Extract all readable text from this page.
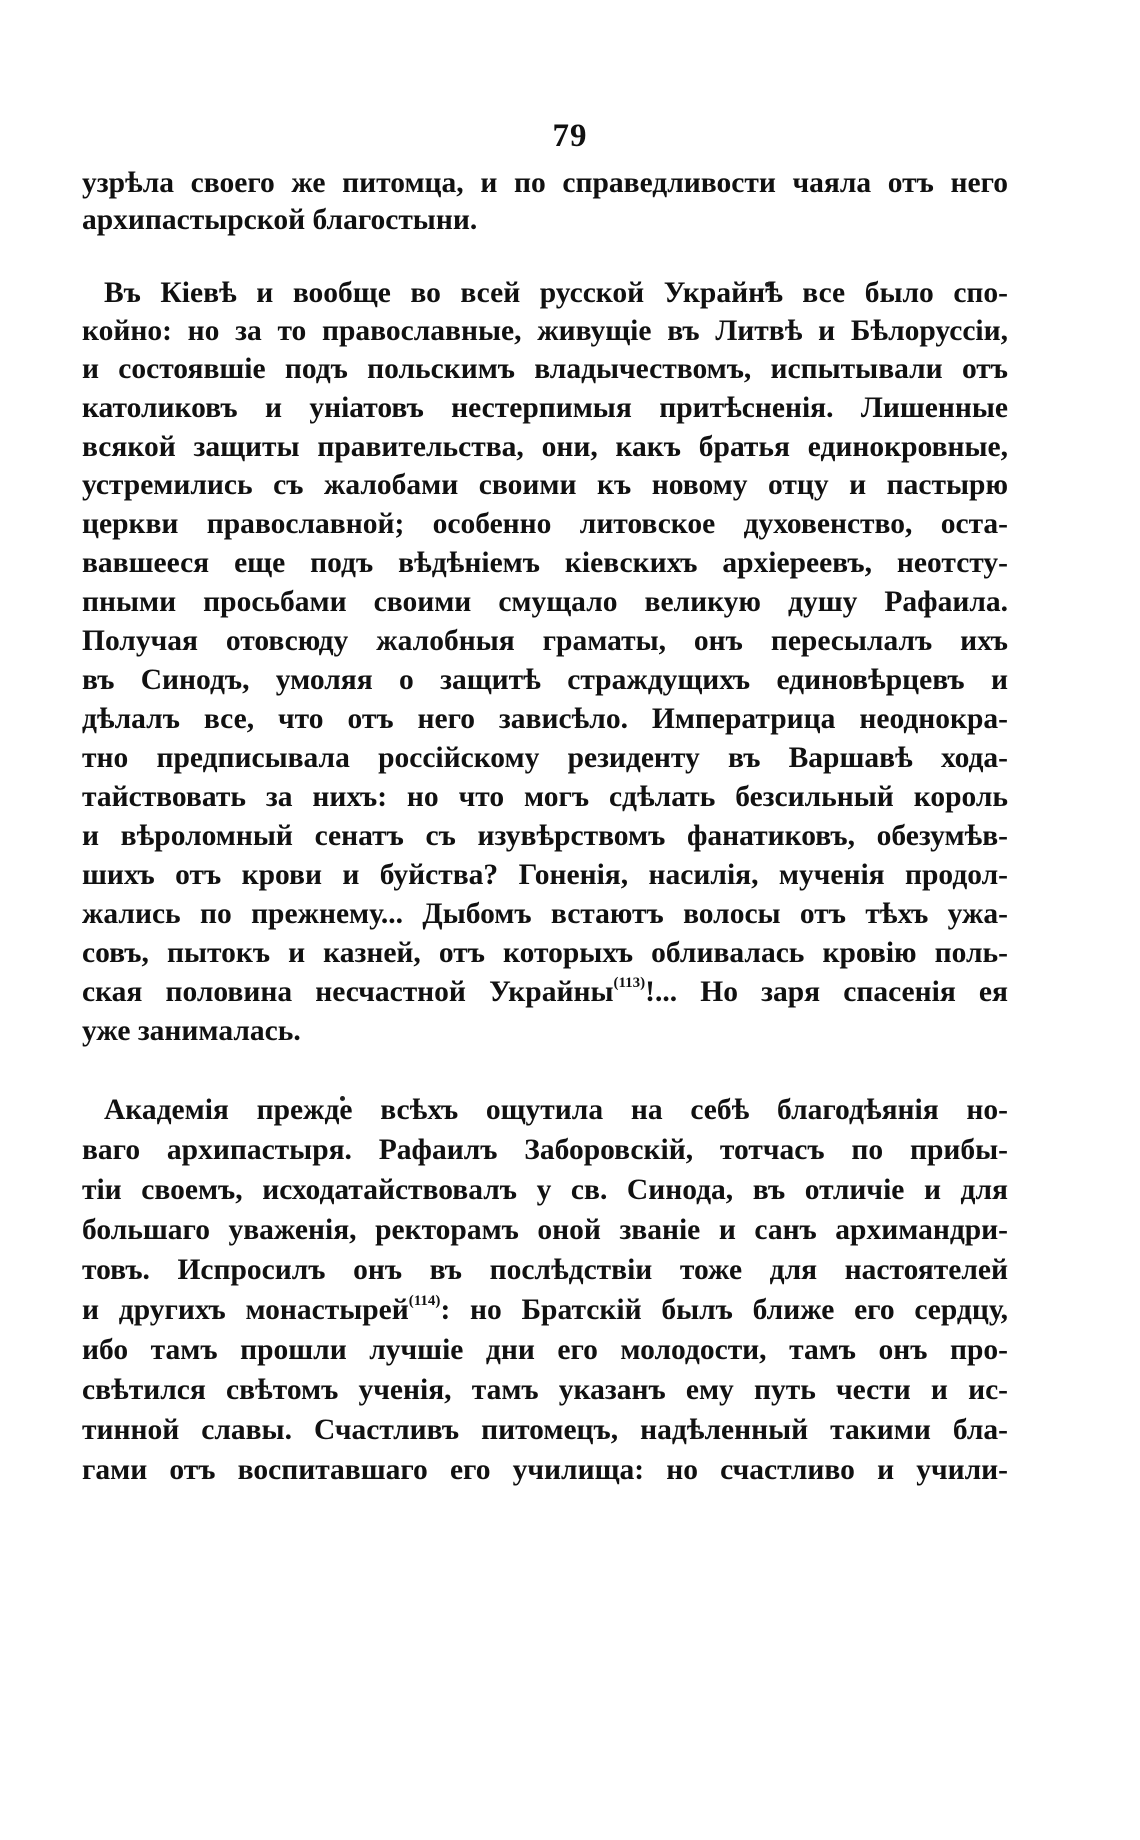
79
узрѣла своего же питомца, и по справедливости чаяла отъ него
архипастырской благостыни.
Въ Кіевѣ и вообще во всей русской Украйнѣ все было спо-
койно: но за то православные, живущіе въ Литвѣ и Бѣлоруссіи,
и состоявшіе подъ польскимъ владычествомъ, испытывали отъ
католиковъ и уніатовъ нестерпимыя притѣсненія. Лишенные
всякой защиты правительства, они, какъ братья единокровные,
устремились съ жалобами своими къ новому отцу и пастырю
церкви православной; особенно литовское духовенство, оста-
вавшееся еще подъ вѣдѣніемъ кіевскихъ архіереевъ, неотсту-
пными просьбами своими смущало великую душу Рафаила.
Получая отовсюду жалобныя граматы, онъ пересылалъ ихъ
въ Синодъ, умоляя о защитѣ страждущихъ единовѣрцевъ и
дѣлалъ все, что отъ него зависѣло. Императрица неоднокра-
тно предписывала россійскому резиденту въ Варшавѣ хода-
тайствовать за нихъ: но что могъ сдѣлать безсильный король
и вѣроломный сенатъ съ изувѣрствомъ фанатиковъ, обезумѣв-
шихъ отъ крови и буйства? Гоненія, насилія, мученія продол-
жались по прежнему... Дыбомъ встаютъ волосы отъ тѣхъ ужа-
совъ, пытокъ и казней, отъ которыхъ обливалась кровію поль-
ская половина несчастной Украйны$^{(113)}$!... Но заря спасенія ея
уже занималась.
Академія прежде всѣхъ ощутила на себѣ благодѣянія но-
ваго архипастыря. Рафаилъ Заборовскій, тотчасъ по прибы-
тіи своемъ, исходатайствовалъ у св. Синода, въ отличіе и для
большаго уваженія, ректорамъ оной званіе и санъ архимандри-
товъ. Испросилъ онъ въ послѣдствіи тоже для настоятелей
и другихъ монастырей$^{(114)}$: но Братскій былъ ближе его сердцу,
ибо тамъ прошли лучшіе дни его молодости, тамъ онъ про-
свѣтился свѣтомъ ученія, тамъ указанъ ему путь чести и ис-
тинной славы. Счастливъ питомецъ, надѣленный такими бла-
гами отъ воспитавшаго его училища: но счастливо и учили-
